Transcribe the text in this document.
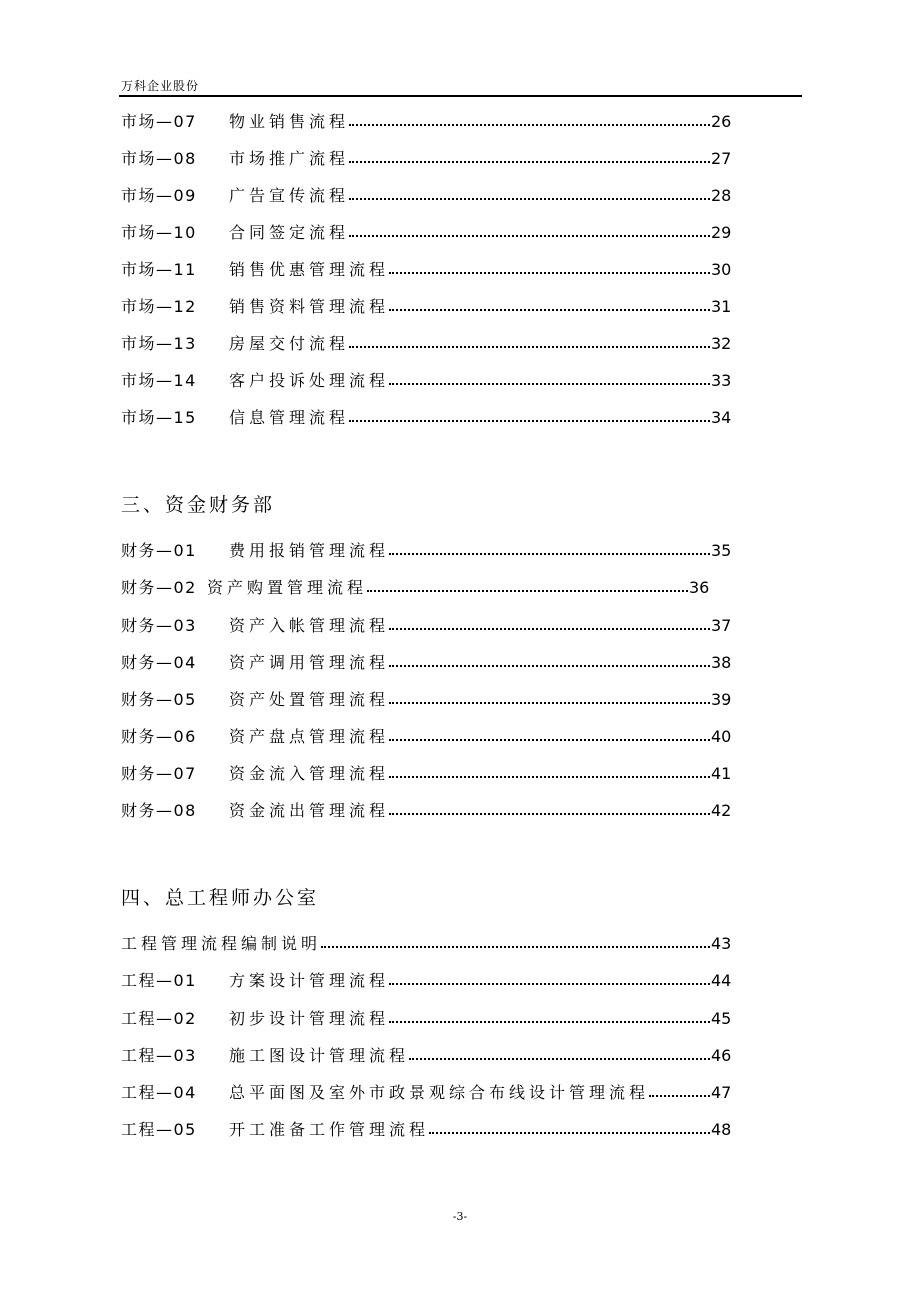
万科企业股份
市场—07 物业销售流程	26
市场—08 市场推广流程	27
市场—09 广告宣传流程	28
市场—10 合同签定流程	29
市场—11 销售优惠管理流程	30
市场—12 销售资料管理流程	31
市场—13 房屋交付流程	32
市场—14 客户投诉处理流程	33
市场—15 信息管理流程	34
三、资金财务部
财务—01 费用报销管理流程	35
财务—02 资产购置管理流程	36
财务—03 资产入帐管理流程	37
财务—04 资产调用管理流程	38
财务—05 资产处置管理流程	39
财务—06 资产盘点管理流程	40
财务—07 资金流入管理流程	41
财务—08 资金流出管理流程	42
四、总工程师办公室
工程管理流程编制说明	43
工程—01 方案设计管理流程	44
工程—02 初步设计管理流程	45
工程—03 施工图设计管理流程	46
工程—04 总平面图及室外市政景观综合布线设计管理流程	47
工程—05 开工准备工作管理流程	48
-3-
